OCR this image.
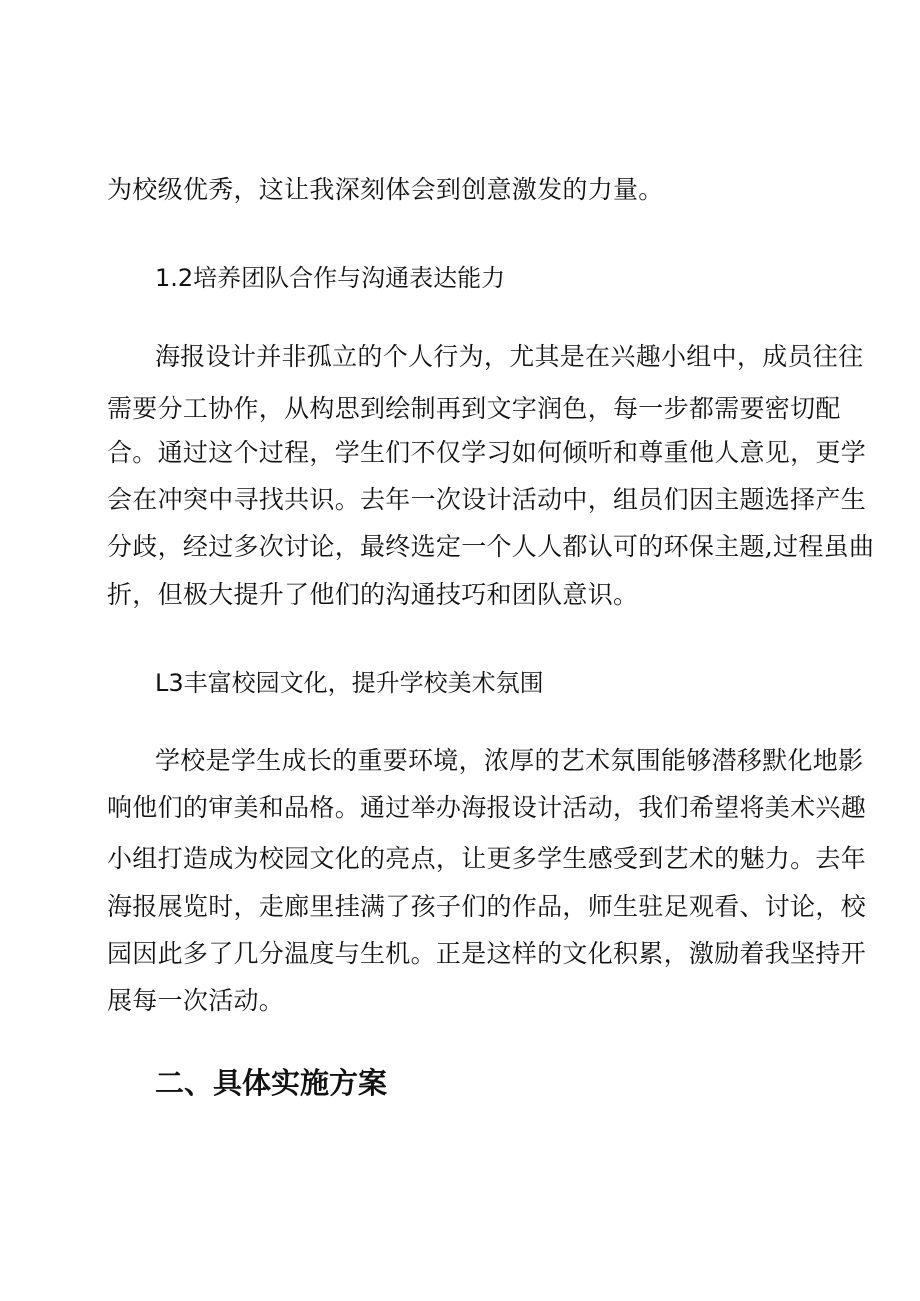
为校级优秀，这让我深刻体会到创意激发的力量。

1.2培养团队合作与沟通表达能力

海报设计并非孤立的个人行为，尤其是在兴趣小组中，成员往往

需要分工协作，从构思到绘制再到文字润色，每一步都需要密切配

合。通过这个过程，学生们不仅学习如何倾听和尊重他人意见，更学

会在冲突中寻找共识。去年一次设计活动中，组员们因主题选择产生

分歧，经过多次讨论，最终选定一个人人都认可的环保主题,过程虽曲

折，但极大提升了他们的沟通技巧和团队意识。

L3丰富校园文化，提升学校美术氛围

学校是学生成长的重要环境，浓厚的艺术氛围能够潜移默化地影

响他们的审美和品格。通过举办海报设计活动，我们希望将美术兴趣

小组打造成为校园文化的亮点，让更多学生感受到艺术的魅力。去年

海报展览时，走廊里挂满了孩子们的作品，师生驻足观看、讨论，校

园因此多了几分温度与生机。正是这样的文化积累，激励着我坚持开

展每一次活动。

二、具体实施方案
